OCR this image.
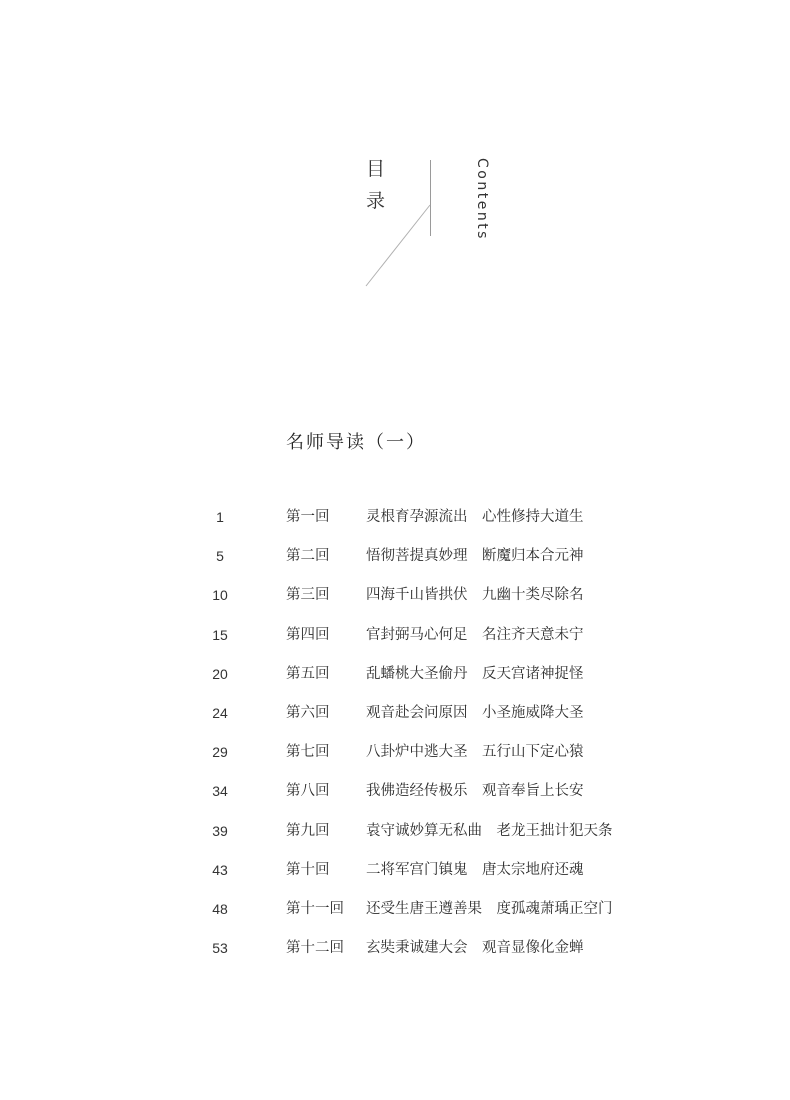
目
录	Contents
名师导读（一）
1	第一回	灵根育孕源流出　心性修持大道生
5	第二回	悟彻菩提真妙理　断魔归本合元神
10	第三回	四海千山皆拱伏　九幽十类尽除名
15	第四回	官封弼马心何足　名注齐天意未宁
20	第五回	乱蟠桃大圣偷丹　反天宫诸神捉怪
24	第六回	观音赴会问原因　小圣施威降大圣
29	第七回	八卦炉中逃大圣　五行山下定心猿
34	第八回	我佛造经传极乐　观音奉旨上长安
39	第九回	袁守诚妙算无私曲　老龙王拙计犯天条
43	第十回	二将军宫门镇鬼　唐太宗地府还魂
48	第十一回 还受生唐王遵善果　度孤魂萧瑀正空门
53	第十二回 玄奘秉诚建大会　观音显像化金蝉
